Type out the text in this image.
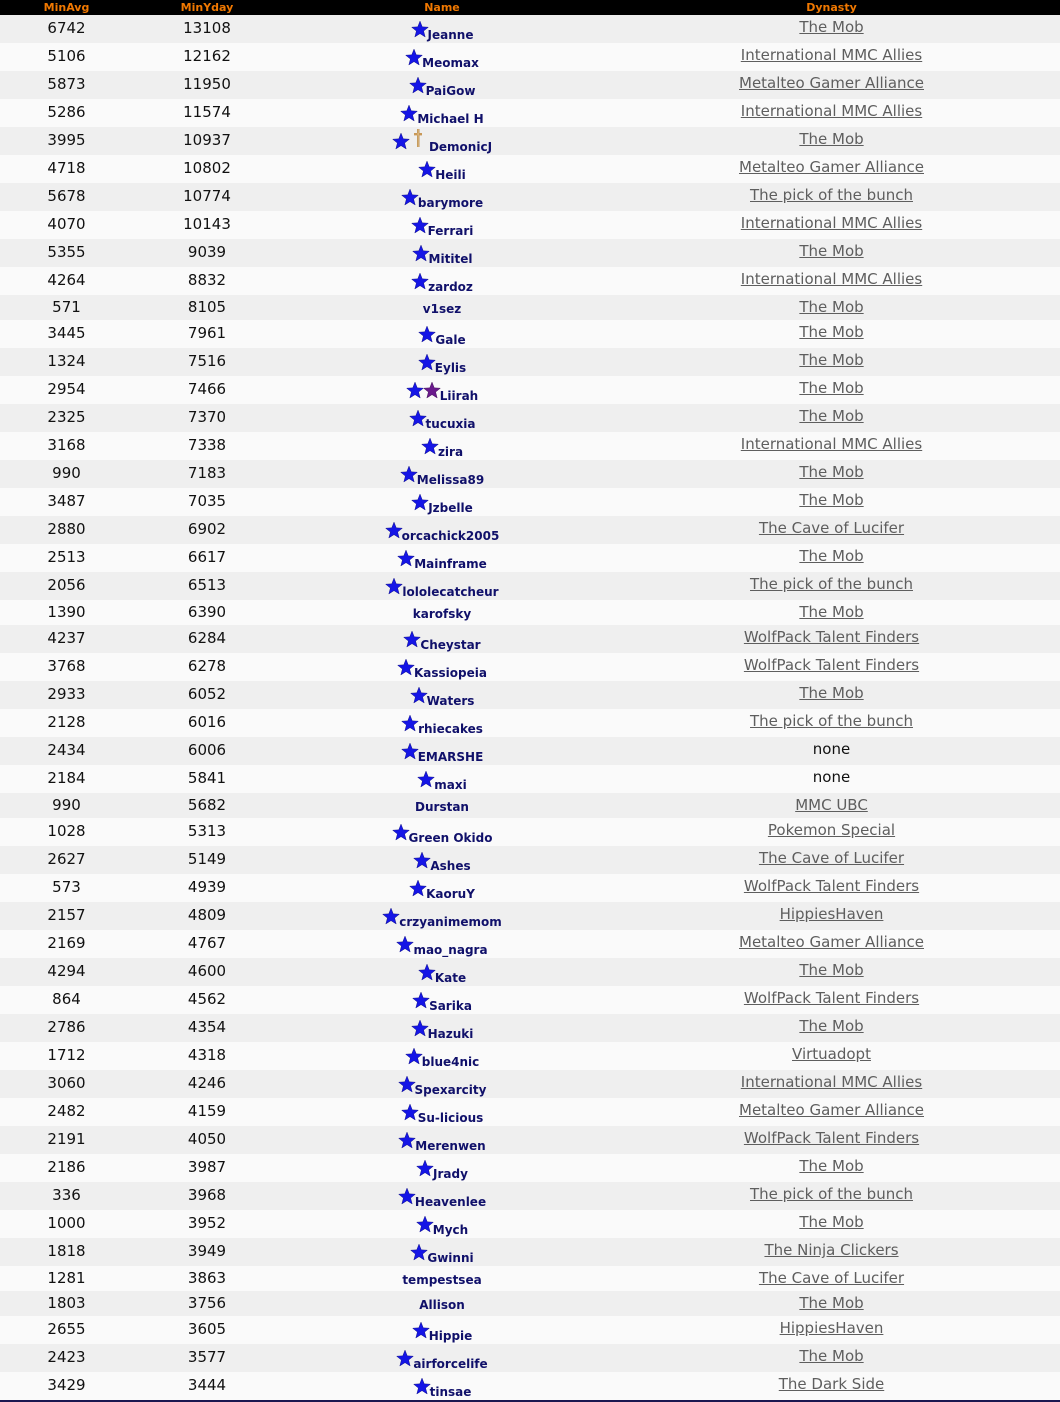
MinAvg	MinYday	Name	Dynasty
6742	13108	Jeanne	The Mob
5106	12162	Meomax	International MMC Allies
5873	11950	PaiGow	Metalteo Gamer Alliance
5286	11574	Michael H	International MMC Allies
3995	10937	DemonicJ	The Mob
4718	10802	Heili	Metalteo Gamer Alliance
5678	10774	barymore	The pick of the bunch
4070	10143	Ferrari	International MMC Allies
5355	9039	Mititel	The Mob
4264	8832	zardoz	International MMC Allies
571	8105	v1sez	The Mob
3445	7961	Gale	The Mob
1324	7516	Eylis	The Mob
2954	7466	Liirah	The Mob
2325	7370	tucuxia	The Mob
3168	7338	zira	International MMC Allies
990	7183	Melissa89	The Mob
3487	7035	Jzbelle	The Mob
2880	6902	orcachick2005	The Cave of Lucifer
2513	6617	Mainframe	The Mob
2056	6513	lololecatcheur	The pick of the bunch
1390	6390	karofsky	The Mob
4237	6284	Cheystar	WolfPack Talent Finders
3768	6278	Kassiopeia	WolfPack Talent Finders
2933	6052	Waters	The Mob
2128	6016	rhiecakes	The pick of the bunch
2434	6006	EMARSHE	none
2184	5841	maxi	none
990	5682	Durstan	MMC UBC
1028	5313	Green Okido	Pokemon Special
2627	5149	Ashes	The Cave of Lucifer
573	4939	KaoruY	WolfPack Talent Finders
2157	4809	crzyanimemom	HippiesHaven
2169	4767	mao_nagra	Metalteo Gamer Alliance
4294	4600	Kate	The Mob
864	4562	Sarika	WolfPack Talent Finders
2786	4354	Hazuki	The Mob
1712	4318	blue4nic	Virtuadopt
3060	4246	Spexarcity	International MMC Allies
2482	4159	Su-licious	Metalteo Gamer Alliance
2191	4050	Merenwen	WolfPack Talent Finders
2186	3987	Jrady	The Mob
336	3968	Heavenlee	The pick of the bunch
1000	3952	Mych	The Mob
1818	3949	Gwinni	The Ninja Clickers
1281	3863	tempestsea	The Cave of Lucifer
1803	3756	Allison	The Mob
2655	3605	Hippie	HippiesHaven
2423	3577	airforcelife	The Mob
3429	3444	tinsae	The Dark Side
